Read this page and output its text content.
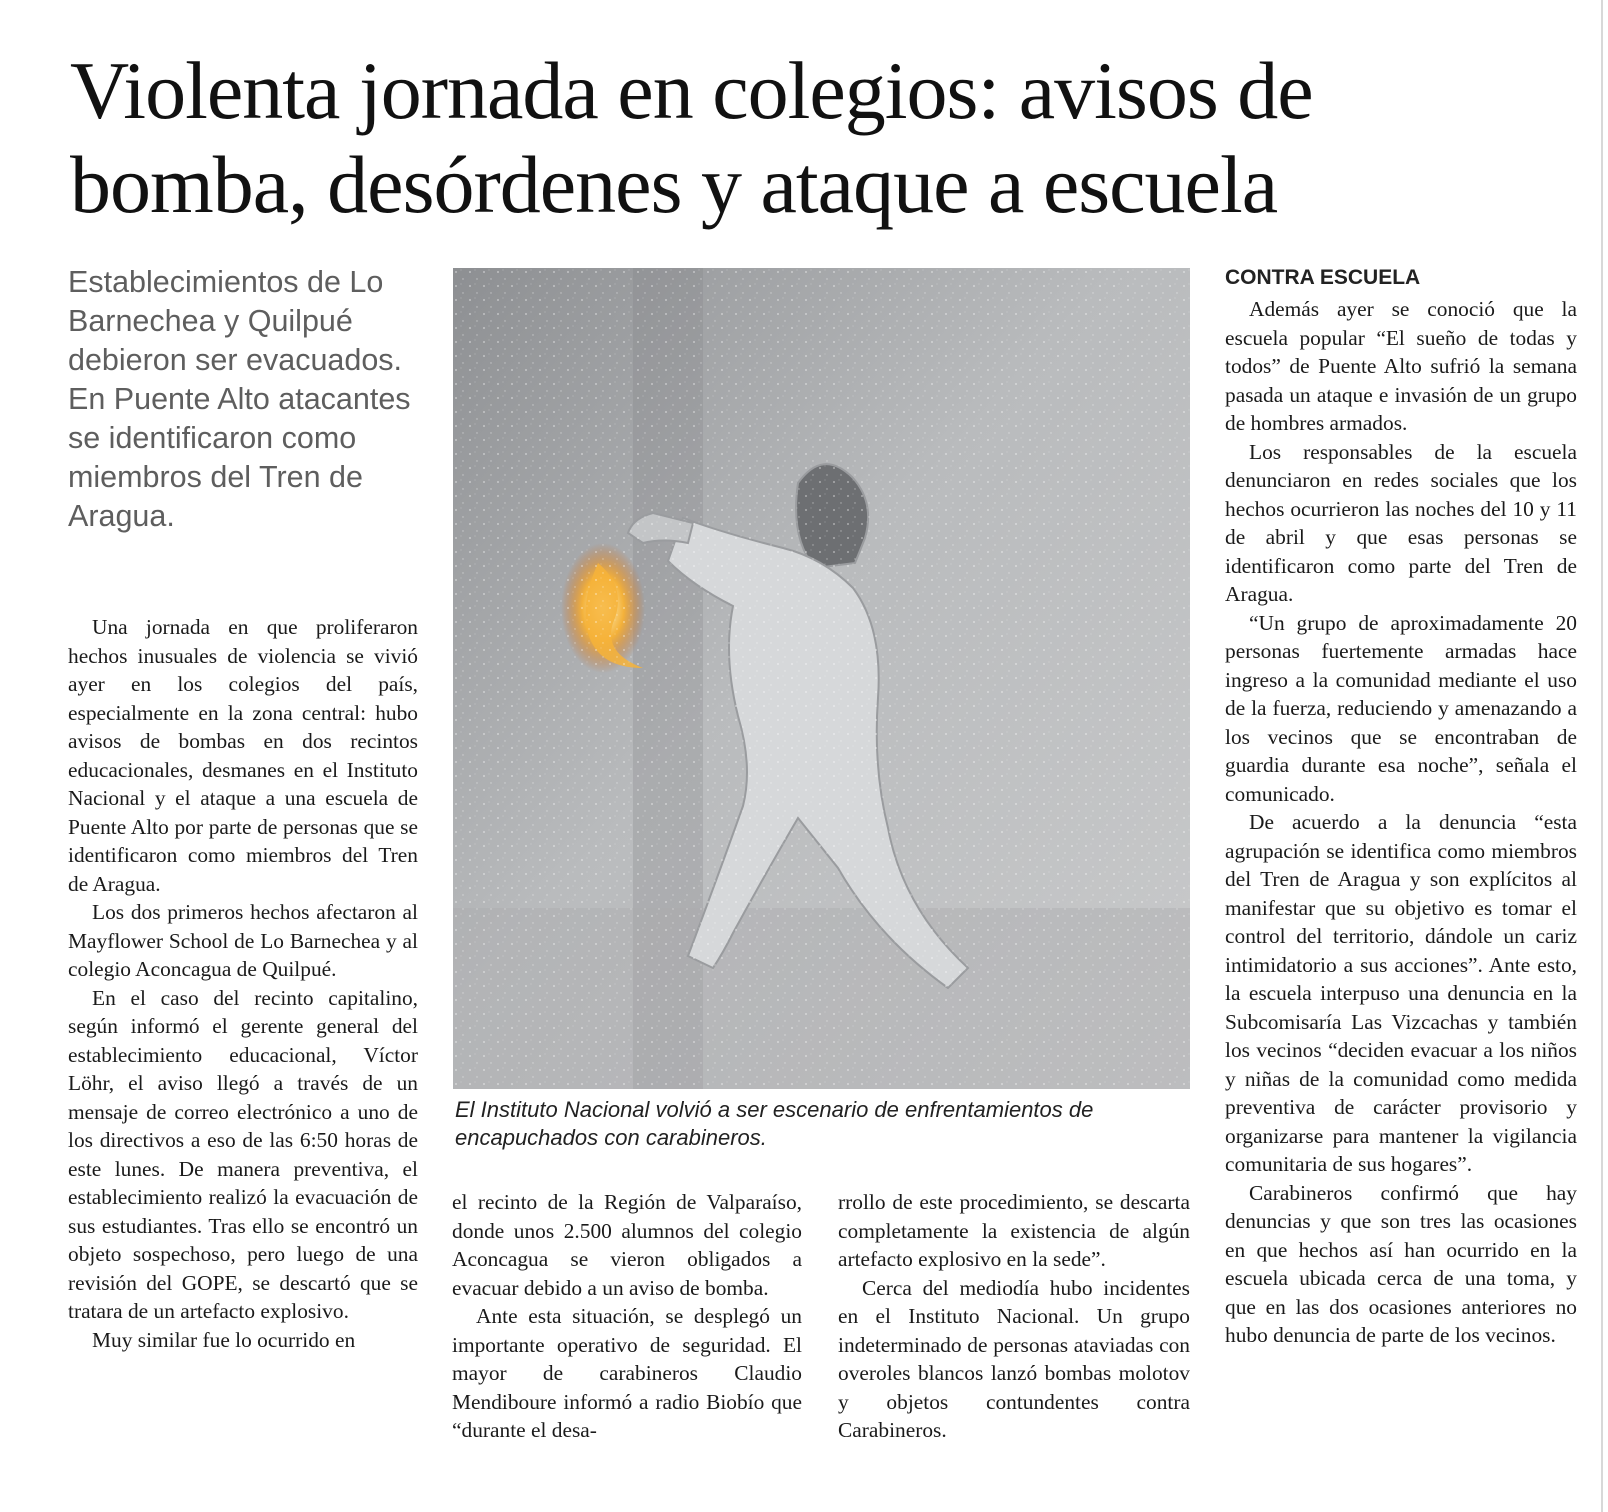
Violenta jornada en colegios: avisos de
bomba, desórdenes y ataque a escuela

Establecimientos de Lo Barnechea y Quilpué debieron ser evacuados. En Puente Alto atacantes se identificaron como miembros del Tren de Aragua.

Una jornada en que proliferaron hechos inusuales de violencia se vivió ayer en los colegios del país, especialmente en la zona central: hubo avisos de bombas en dos recintos educacionales, desmanes en el Instituto Nacional y el ataque a una escuela de Puente Alto por parte de personas que se identificaron como miembros del Tren de Aragua.

Los dos primeros hechos afectaron al Mayflower School de Lo Barnechea y al colegio Aconcagua de Quilpué.

En el caso del recinto capitalino, según informó el gerente general del establecimiento educacional, Víctor Löhr, el aviso llegó a través de un mensaje de correo electrónico a uno de los directivos a eso de las 6:50 horas de este lunes. De manera preventiva, el establecimiento realizó la evacuación de sus estudiantes. Tras ello se encontró un objeto sospechoso, pero luego de una revisión del GOPE, se descartó que se tratara de un artefacto explosivo.

Muy similar fue lo ocurrido en

El Instituto Nacional volvió a ser escenario de enfrentamientos de encapuchados con carabineros.

el recinto de la Región de Valparaíso, donde unos 2.500 alumnos del colegio Aconcagua se vieron obligados a evacuar debido a un aviso de bomba.

Ante esta situación, se desplegó un importante operativo de seguridad. El mayor de carabineros Claudio Mendiboure informó a radio Biobío que “durante el desa-

rrollo de este procedimiento, se descarta completamente la existencia de algún artefacto explosivo en la sede”.

Cerca del mediodía hubo incidentes en el Instituto Nacional. Un grupo indeterminado de personas ataviadas con overoles blancos lanzó bombas molotov y objetos contundentes contra Carabineros.

CONTRA ESCUELA

Además ayer se conoció que la escuela popular “El sueño de todas y todos” de Puente Alto sufrió la semana pasada un ataque e invasión de un grupo de hombres armados.

Los responsables de la escuela denunciaron en redes sociales que los hechos ocurrieron las noches del 10 y 11 de abril y que esas personas se identificaron como parte del Tren de Aragua.

“Un grupo de aproximadamente 20 personas fuertemente armadas hace ingreso a la comunidad mediante el uso de la fuerza, reduciendo y amenazando a los vecinos que se encontraban de guardia durante esa noche”, señala el comunicado.

De acuerdo a la denuncia “esta agrupación se identifica como miembros del Tren de Aragua y son explícitos al manifestar que su objetivo es tomar el control del territorio, dándole un cariz intimidatorio a sus acciones”. Ante esto, la escuela interpuso una denuncia en la Subcomisaría Las Vizcachas y también los vecinos “deciden evacuar a los niños y niñas de la comunidad como medida preventiva de carácter provisorio y organizarse para mantener la vigilancia comunitaria de sus hogares”.

Carabineros confirmó que hay denuncias y que son tres las ocasiones en que hechos así han ocurrido en la escuela ubicada cerca de una toma, y que en las dos ocasiones anteriores no hubo denuncia de parte de los vecinos.
